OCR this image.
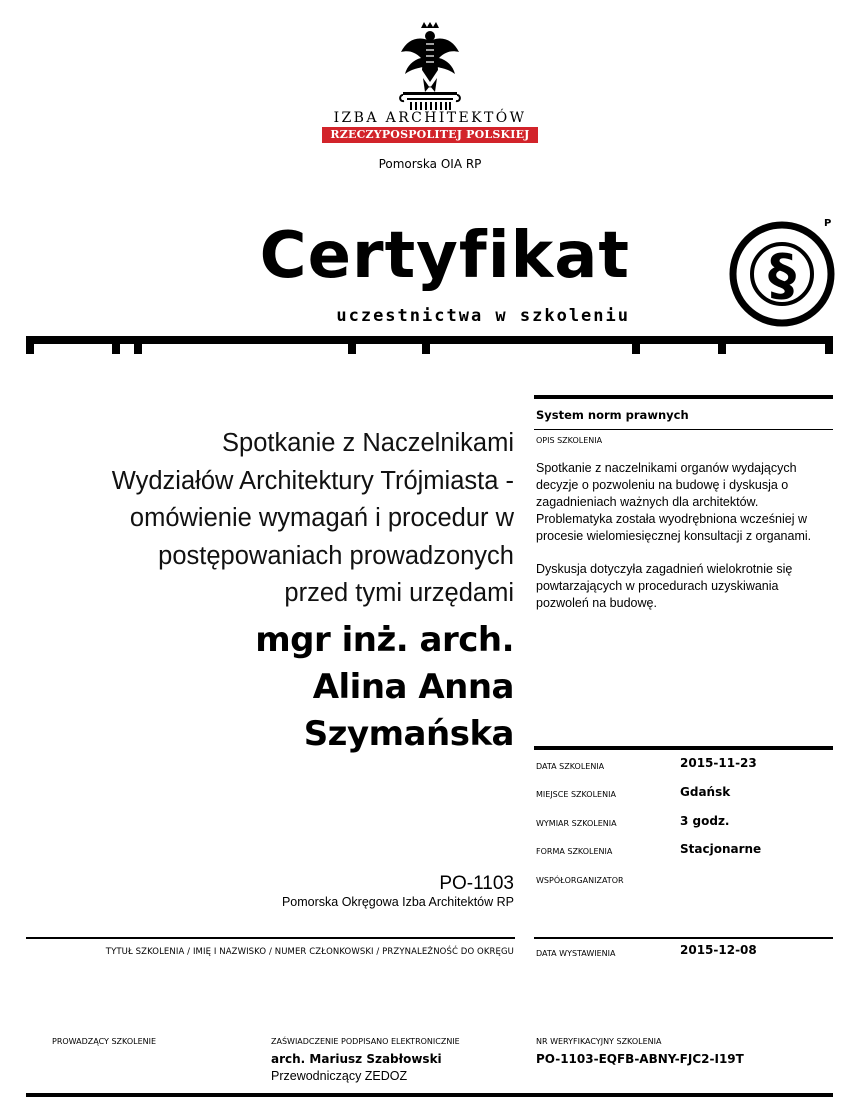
IZBA ARCHITEKTÓW
RZECZYPOSPOLITEJ POLSKIEJ
Pomorska OIA RP
Certyfikat
uczestnictwa w szkoleniu
§
P
Spotkanie z Naczelnikami
Wydziałów Architektury Trójmiasta -
omówienie wymagań i procedur w
postępowaniach prowadzonych
przed tymi urzędami
mgr inż. arch.
Alina Anna
Szymańska
PO-1103
Pomorska Okręgowa Izba Architektów RP
TYTUŁ SZKOLENIA / IMIĘ I NAZWISKO / NUMER CZŁONKOWSKI / PRZYNALEŻNOŚĆ DO OKRĘGU
System norm prawnych
OPIS SZKOLENIA

Spotkanie z naczelnikami organów wydających decyzje o pozwoleniu na budowę i dyskusja o zagadnieniach ważnych dla architektów. Problematyka została wyodrębniona wcześniej w procesie wielomiesięcznej konsultacji z organami.

Dyskusja dotyczyła zagadnień wielokrotnie się powtarzających w procedurach uzyskiwania pozwoleń na budowę.

DATA SZKOLENIA	2015-11-23
MIEJSCE SZKOLENIA	Gdańsk
WYMIAR SZKOLENIA	3 godz.
FORMA SZKOLENIA	Stacjonarne
WSPÓŁORGANIZATOR
DATA WYSTAWIENIA	2015-12-08
PROWADZĄCY SZKOLENIE	ZAŚWIADCZENIE PODPISANO ELEKTRONICZNIE
arch. Mariusz Szabłowski
Przewodniczący ZEDOZ
NR WERYFIKACYJNY SZKOLENIA
PO-1103-EQFB-ABNY-FJC2-I19T
